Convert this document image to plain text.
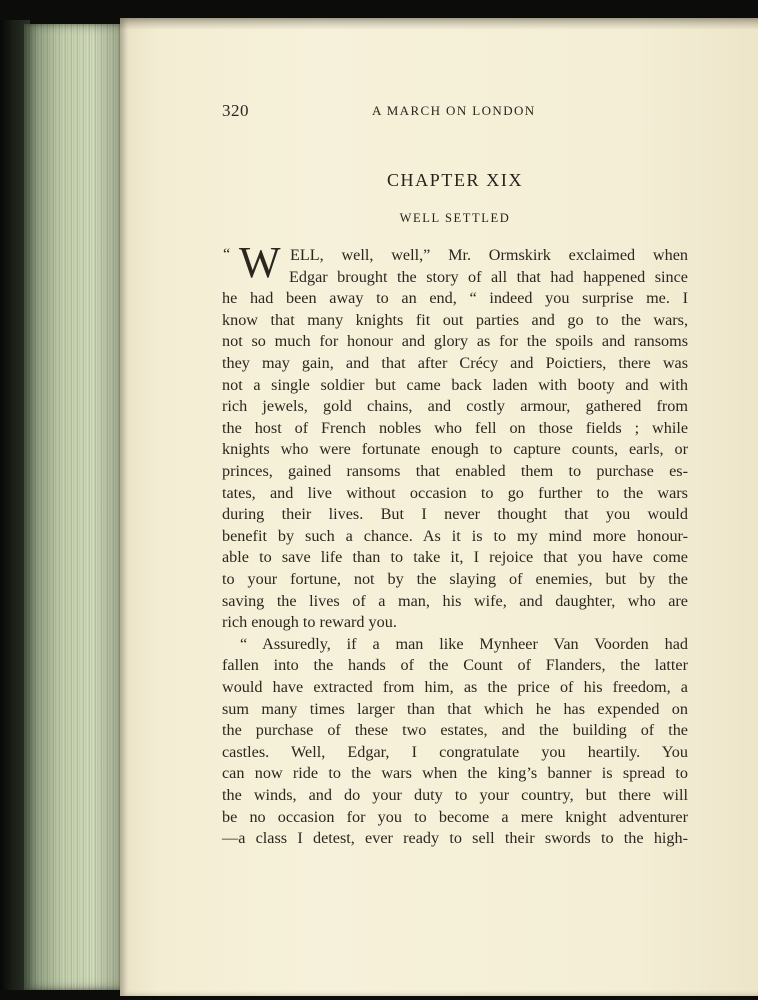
320	A MARCH ON LONDON
CHAPTER XIX
WELL SETTLED
“ W ELL, well, well,” Mr. Ormskirk exclaimed when
Edgar brought the story of all that had happened since
he had been away to an end, “ indeed you surprise me. I
know that many knights fit out parties and go to the wars,
not so much for honour and glory as for the spoils and ransoms
they may gain, and that after Crécy and Poictiers, there was
not a single soldier but came back laden with booty and with
rich jewels, gold chains, and costly armour, gathered from
the host of French nobles who fell on those fields ; while
knights who were fortunate enough to capture counts, earls, or
princes, gained ransoms that enabled them to purchase es-
tates, and live without occasion to go further to the wars
during their lives. But I never thought that you would
benefit by such a chance. As it is to my mind more honour-
able to save life than to take it, I rejoice that you have come
to your fortune, not by the slaying of enemies, but by the
saving the lives of a man, his wife, and daughter, who are
rich enough to reward you.
“ Assuredly, if a man like Mynheer Van Voorden had
fallen into the hands of the Count of Flanders, the latter
would have extracted from him, as the price of his freedom, a
sum many times larger than that which he has expended on
the purchase of these two estates, and the building of the
castles. Well, Edgar, I congratulate you heartily. You
can now ride to the wars when the king’s banner is spread to
the winds, and do your duty to your country, but there will
be no occasion for you to become a mere knight adventurer
—a class I detest, ever ready to sell their swords to the high-
